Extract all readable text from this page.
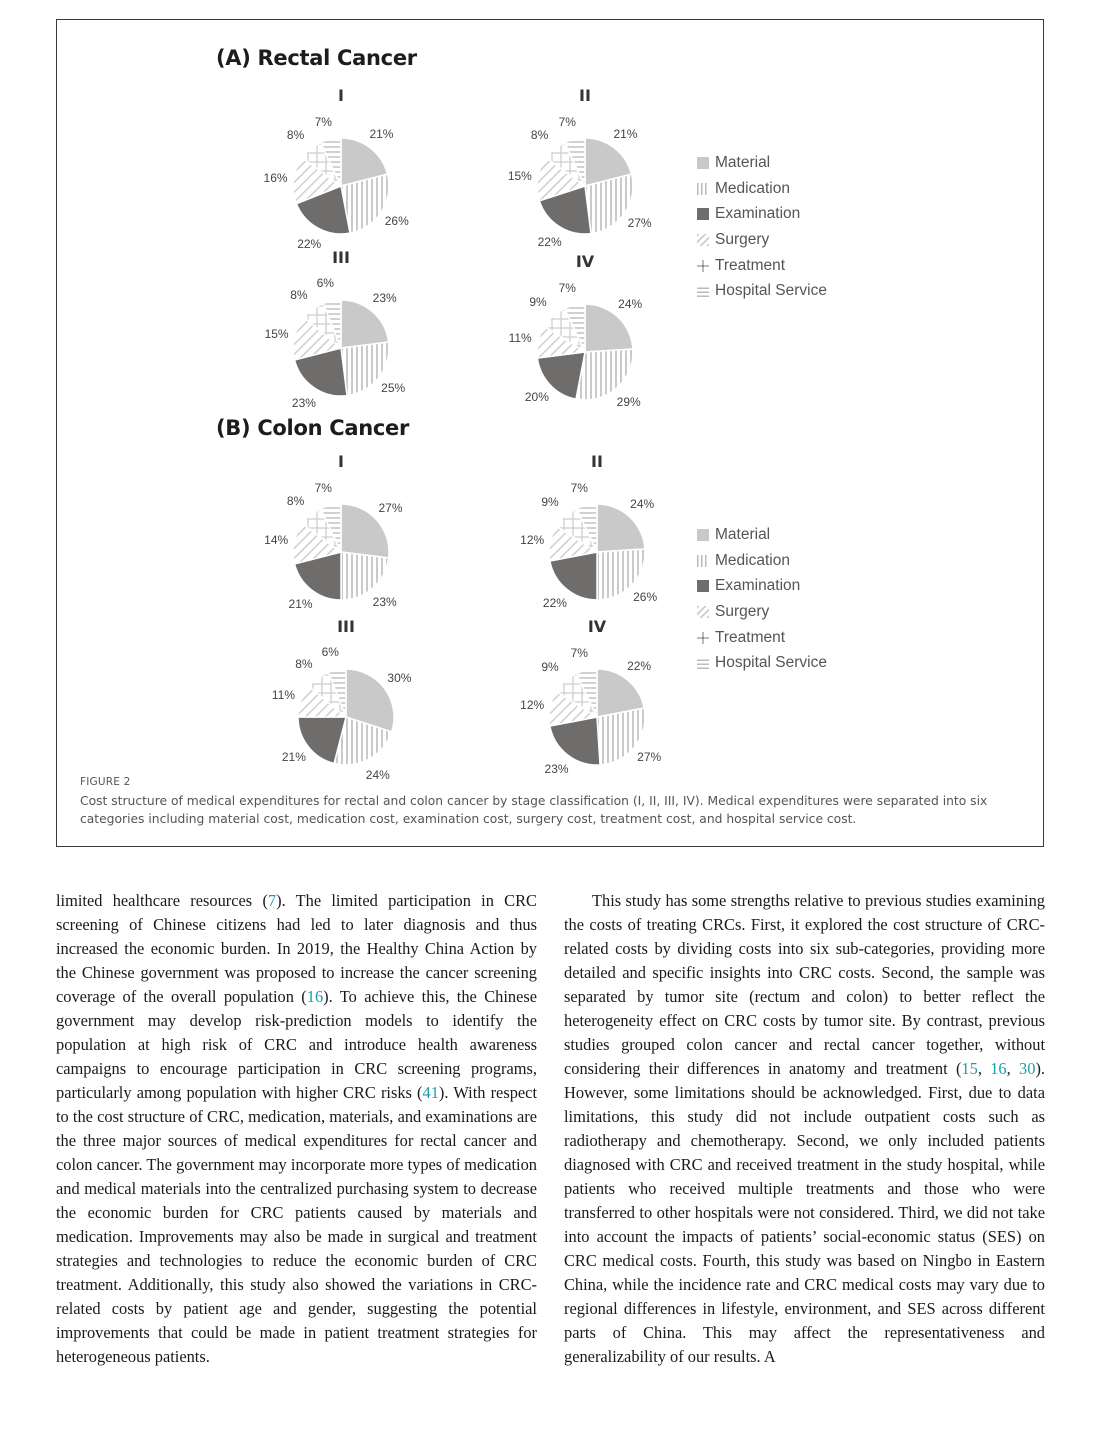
(A) Rectal Cancer
(B) Colon Cancer
I
21%
26%
22%
16%
8%
7%
II
21%
27%
22%
15%
8%
7%
III
23%
25%
23%
15%
8%
6%
IV
24%
29%
20%
11%
9%
7%
I
27%
23%
21%
14%
8%
7%
II
24%
26%
22%
12%
9%
7%
III
30%
24%
21%
11%
8%
6%
IV
22%
27%
23%
12%
9%
7%
Material
Medication
Examination
Surgery
Treatment
Hospital Service
Material
Medication
Examination
Surgery
Treatment
Hospital Service
FIGURE 2
Cost structure of medical expenditures for rectal and colon cancer by stage classification (I, II, III, IV). Medical expenditures were separated into six categories including material cost, medication cost, examination cost, surgery cost, treatment cost, and hospital service cost.

limited healthcare resources (7). The limited participation in CRC screening of Chinese citizens had led to later diagnosis and thus increased the economic burden. In 2019, the Healthy China Action by the Chinese government was proposed to increase the cancer screening coverage of the overall population (16). To achieve this, the Chinese government may develop risk-prediction models to identify the population at high risk of CRC and introduce health awareness campaigns to encourage participation in CRC screening programs, particularly among population with higher CRC risks (41). With respect to the cost structure of CRC, medication, materials, and examinations are the three major sources of medical expenditures for rectal cancer and colon cancer. The government may incorporate more types of medication and medical materials into the centralized purchasing system to decrease the economic burden for CRC patients caused by materials and medication. Improvements may also be made in surgical and treatment strategies and technologies to reduce the economic burden of CRC treatment. Additionally, this study also showed the variations in CRC-related costs by patient age and gender, suggesting the potential improvements that could be made in patient treatment strategies for heterogeneous patients.

This study has some strengths relative to previous studies examining the costs of treating CRCs. First, it explored the cost structure of CRC-related costs by dividing costs into six sub-categories, providing more detailed and specific insights into CRC costs. Second, the sample was separated by tumor site (rectum and colon) to better reflect the heterogeneity effect on CRC costs by tumor site. By contrast, previous studies grouped colon cancer and rectal cancer together, without considering their differences in anatomy and treatment (15, 16, 30). However, some limitations should be acknowledged. First, due to data limitations, this study did not include outpatient costs such as radiotherapy and chemotherapy. Second, we only included patients diagnosed with CRC and received treatment in the study hospital, while patients who received multiple treatments and those who were transferred to other hospitals were not considered. Third, we did not take into account the impacts of patients’ social-economic status (SES) on CRC medical costs. Fourth, this study was based on Ningbo in Eastern China, while the incidence rate and CRC medical costs may vary due to regional differences in lifestyle, environment, and SES across different parts of China. This may affect the representativeness and generalizability of our results. A
